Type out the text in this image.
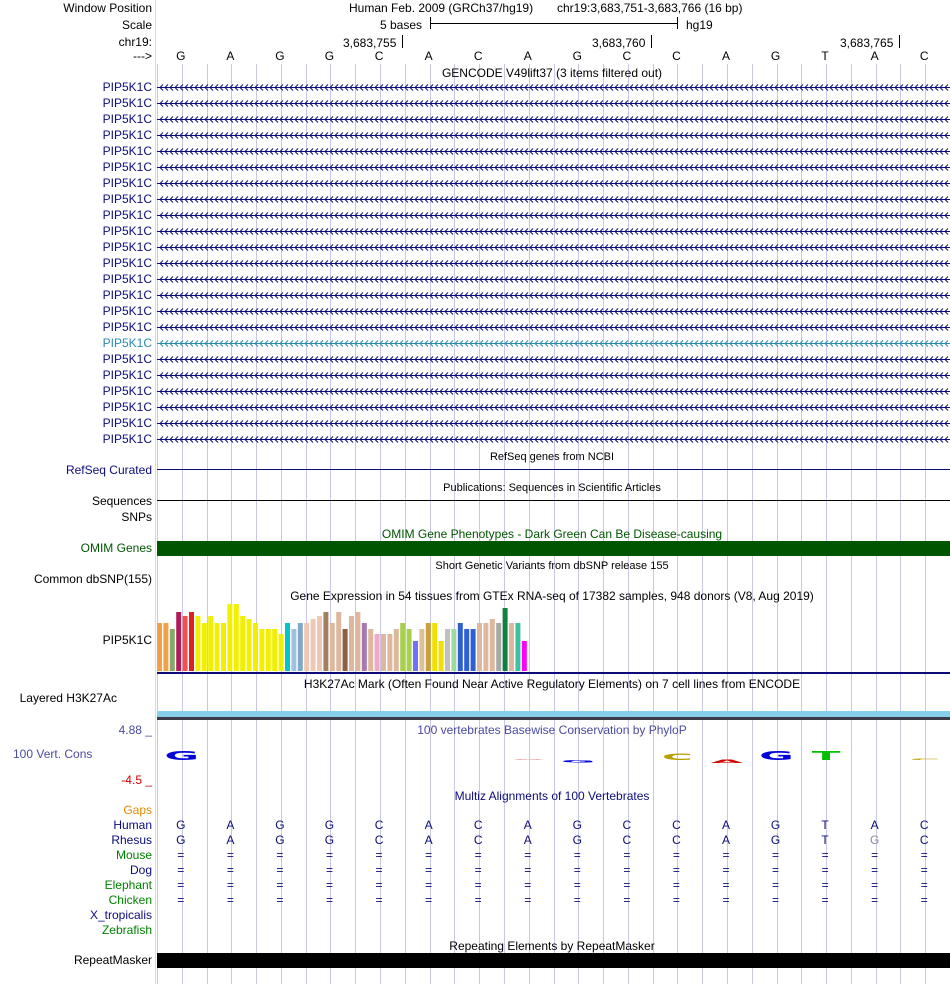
Window Position	Human Feb. 2009 (GRCh37/hg19) chr19:3,683,751-3,683,766 (16 bp)
Scale	5 bases	hg19
chr19:	3,683,755	3,683,760	3,683,765
--->
GENCODE V49lift37 (3 items filtered out)
RefSeq genes from NCBI
RefSeq Curated
Publications: Sequences in Scientific Articles
Sequences
SNPs
OMIM Gene Phenotypes - Dark Green Can Be Disease-causing
OMIM Genes
Short Genetic Variants from dbSNP release 155
Common dbSNP(155)
Gene Expression in 54 tissues from GTEx RNA-seq of 17382 samples, 948 donors (V8, Aug 2019)
PIP5K1C
H3K27Ac Mark (Often Found Near Active Regulatory Elements) on 7 cell lines from ENCODE
Layered H3K27Ac
100 vertebrates Basewise Conservation by PhyloP
4.88 _
100 Vert. Cons
-4.5 _
G	A G	C A G T	C
Multiz Alignments of 100 Vertebrates
Gaps
Human G	A	G	G	C	A	C	A	G	C	C	A	G	T	A	C
Rhesus G	A	G	G	C	A	C	A	G	C	C	A	G	T	G	C
Mouse =	=	=	=	=	=	=	=	=	=	=	=	=	=	=	=
Dog =	=	=	=	=	=	=	=	=	=	=	=	=	=	=	=
Elephant =	=	=	=	=	=	=	=	=	=	=	=	=	=	=	=
Chicken =	=	=	=	=	=	=	=	=	=	=	=	=	=	=	=
X_tropicalis
Zebrafish
Repeating Elements by RepeatMasker
RepeatMasker
G	A	G	G	C	A	C	A	G	C	C	A	G	T	A	C
PIP5K1C
PIP5K1C
PIP5K1C
PIP5K1C
PIP5K1C
PIP5K1C
PIP5K1C
PIP5K1C
PIP5K1C
PIP5K1C
PIP5K1C
PIP5K1C
PIP5K1C
PIP5K1C
PIP5K1C
PIP5K1C
PIP5K1C
PIP5K1C
PIP5K1C
PIP5K1C
PIP5K1C
PIP5K1C
PIP5K1C
